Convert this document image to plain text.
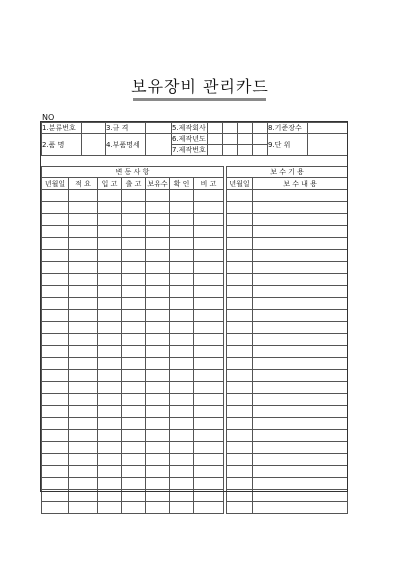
보유장비 관리카드
NO
1.분류번호		3.규 격		5.제작회사					8.기준장수	

2.품 명		4.부품명세		6.제작년도					9.단 위	
				7.제작번호						
변 동 사 항								보 수 기 용	
년월일	적 요	입 고	출 고	보유수	확 인	비 고		년월일	보 수 내 용
